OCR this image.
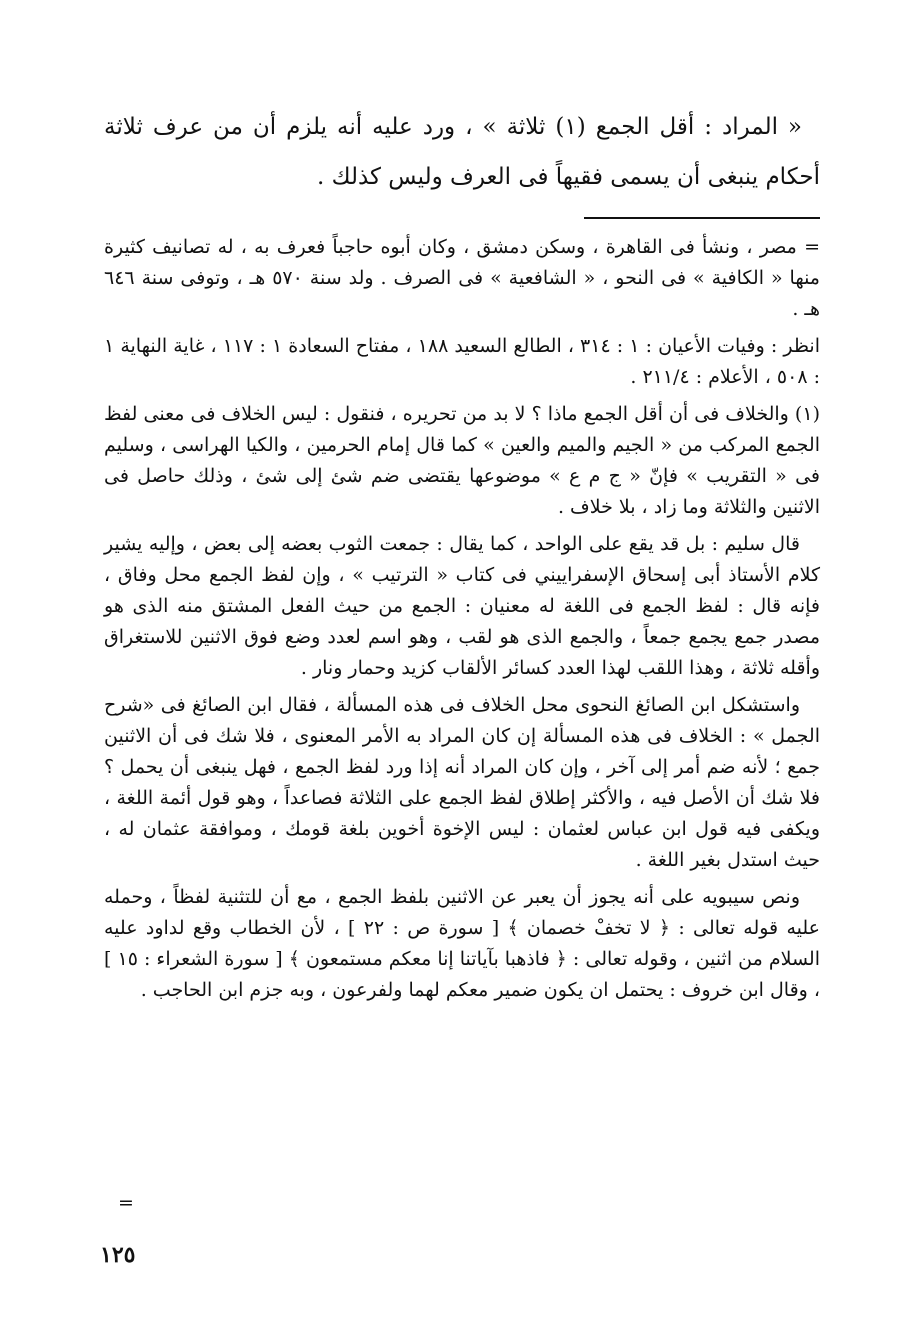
« المراد : أقل الجمع (١) ثلاثة » ، ورد عليه أنه يلزم أن من عرف ثلاثة أحكام ينبغى أن يسمى فقيهاً فى العرف وليس كذلك .

= مصر ، ونشأ فى القاهرة ، وسكن دمشق ، وكان أبوه حاجباً فعرف به ، له تصانيف كثيرة منها « الكافية » فى النحو ، « الشافعية » فى الصرف . ولد سنة ٥٧٠ هـ ، وتوفى سنة ٦٤٦ هـ .

انظر : وفيات الأعيان : ١ : ٣١٤ ، الطالع السعيد ١٨٨ ، مفتاح السعادة ١ : ١١٧ ، غاية النهاية ١ : ٥٠٨ ، الأعلام : ٢١١/٤ .

(١) والخلاف فى أن أقل الجمع ماذا ؟ لا بد من تحريره ، فنقول : ليس الخلاف فى معنى لفظ الجمع المركب من « الجيم والميم والعين » كما قال إمام الحرمين ، والكيا الهراسى ، وسليم فى « التقريب » فإنّ « ج م ع » موضوعها يقتضى ضم شئ إلى شئ ، وذلك حاصل فى الاثنين والثلاثة وما زاد ، بلا خلاف .

قال سليم : بل قد يقع على الواحد ، كما يقال : جمعت الثوب بعضه إلى بعض ، وإليه يشير كلام الأستاذ أبى إسحاق الإسفراييني فى كتاب « الترتيب » ، وإن لفظ الجمع محل وفاق ، فإنه قال : لفظ الجمع فى اللغة له معنيان : الجمع من حيث الفعل المشتق منه الذى هو مصدر جمع يجمع جمعاً ، والجمع الذى هو لقب ، وهو اسم لعدد وضع فوق الاثنين للاستغراق وأقله ثلاثة ، وهذا اللقب لهذا العدد كسائر الألقاب كزيد وحمار ونار .

واستشكل ابن الصائغ النحوى محل الخلاف فى هذه المسألة ، فقال ابن الصائغ فى «شرح الجمل » : الخلاف فى هذه المسألة إن كان المراد به الأمر المعنوى ، فلا شك فى أن الاثنين جمع ؛ لأنه ضم أمر إلى آخر ، وإن كان المراد أنه إذا ورد لفظ الجمع ، فهل ينبغى أن يحمل ؟ فلا شك أن الأصل فيه ، والأكثر إطلاق لفظ الجمع على الثلاثة فصاعداً ، وهو قول أئمة اللغة ، ويكفى فيه قول ابن عباس لعثمان : ليس الإخوة أخوين بلغة قومك ، وموافقة عثمان له ، حيث استدل بغير اللغة .

ونص سيبويه على أنه يجوز أن يعبر عن الاثنين بلفظ الجمع ، مع أن للتثنية لفظاً ، وحمله عليه قوله تعالى : ﴿ لا تخفْ خصمان ﴾ [ سورة ص : ٢٢ ] ، لأن الخطاب وقع لداود عليه السلام من اثنين ، وقوله تعالى : ﴿ فاذهبا بآياتنا إنا معكم مستمعون ﴾ [ سورة الشعراء : ١٥ ] ، وقال ابن خروف : يحتمل ان يكون ضمير معكم لهما ولفرعون ، وبه جزم ابن الحاجب .

=
١٢٥
